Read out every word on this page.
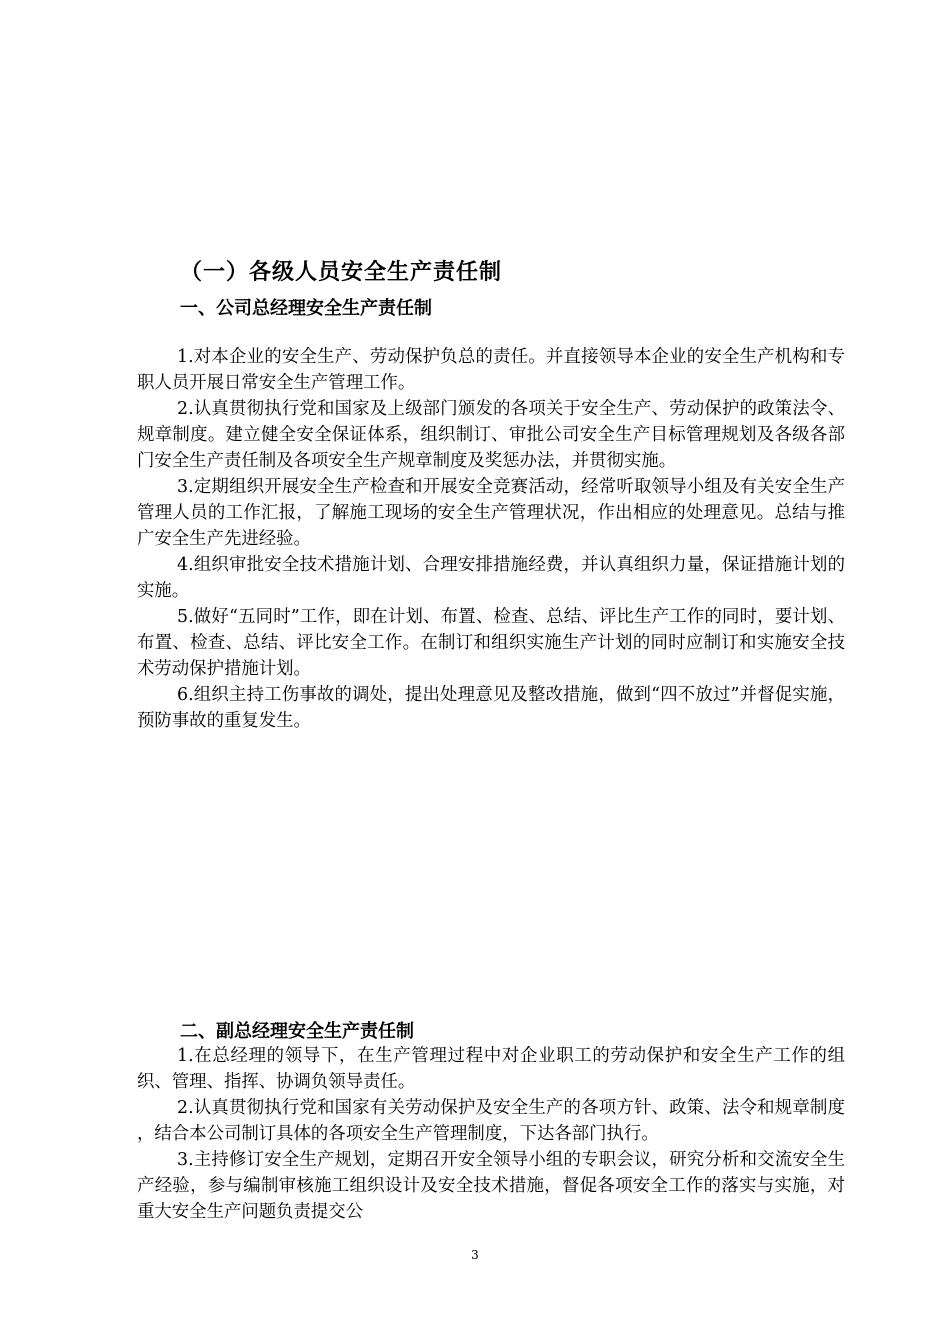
（一）各级人员安全生产责任制
一、公司总经理安全生产责任制

1.对本企业的安全生产、劳动保护负总的责任。并直接领导本企业的安全生产机构和专职人员开展日常安全生产管理工作。

2.认真贯彻执行党和国家及上级部门颁发的各项关于安全生产、劳动保护的政策法令、规章制度。建立健全安全保证体系，组织制订、审批公司安全生产目标管理规划及各级各部门安全生产责任制及各项安全生产规章制度及奖惩办法，并贯彻实施。

3.定期组织开展安全生产检查和开展安全竞赛活动，经常听取领导小组及有关安全生产管理人员的工作汇报，了解施工现场的安全生产管理状况，作出相应的处理意见。总结与推广安全生产先进经验。

4.组织审批安全技术措施计划、合理安排措施经费，并认真组织力量，保证措施计划的实施。

5.做好“五同时”工作，即在计划、布置、检查、总结、评比生产工作的同时，要计划、布置、检查、总结、评比安全工作。在制订和组织实施生产计划的同时应制订和实施安全技术劳动保护措施计划。

6.组织主持工伤事故的调处，提出处理意见及整改措施，做到“四不放过”并督促实施，预防事故的重复发生。

二、副总经理安全生产责任制

1.在总经理的领导下，在生产管理过程中对企业职工的劳动保护和安全生产工作的组织、管理、指挥、协调负领导责任。

2.认真贯彻执行党和国家有关劳动保护及安全生产的各项方针、政策、法令和规章制度 ，结合本公司制订具体的各项安全生产管理制度，下达各部门执行。

3.主持修订安全生产规划，定期召开安全领导小组的专职会议，研究分析和交流安全生产经验，参与编制审核施工组织设计及安全技术措施，督促各项安全工作的落实与实施，对重大安全生产问题负责提交公

3
